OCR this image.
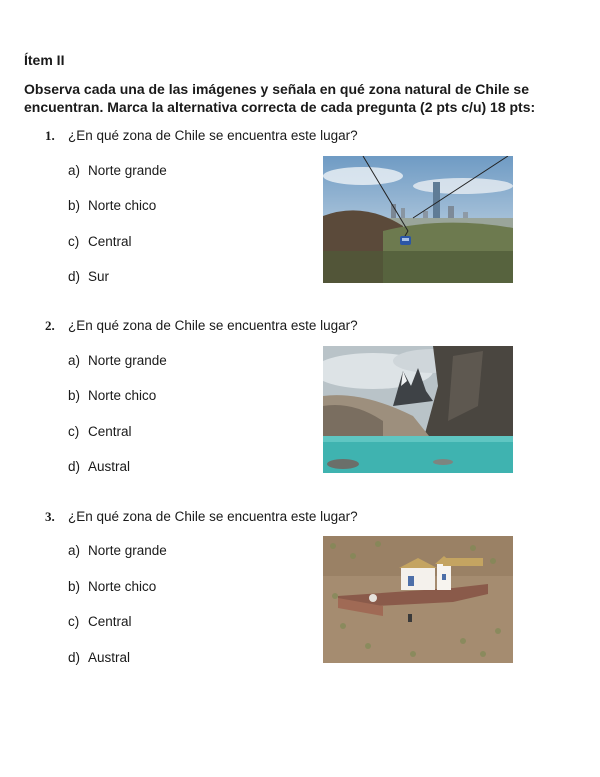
Ítem II
Observa cada una de las imágenes y señala en qué zona natural de Chile se encuentran. Marca la alternativa correcta de cada pregunta (2 pts c/u) 18 pts:
1. ¿En qué zona de Chile se encuentra este lugar?
a) Norte grande
b) Norte chico
c) Central
d) Sur
2. ¿En qué zona de Chile se encuentra este lugar?
a) Norte grande
b) Norte chico
c) Central
d) Austral
3. ¿En qué zona de Chile se encuentra este lugar?
a) Norte grande
b) Norte chico
c) Central
d) Austral
